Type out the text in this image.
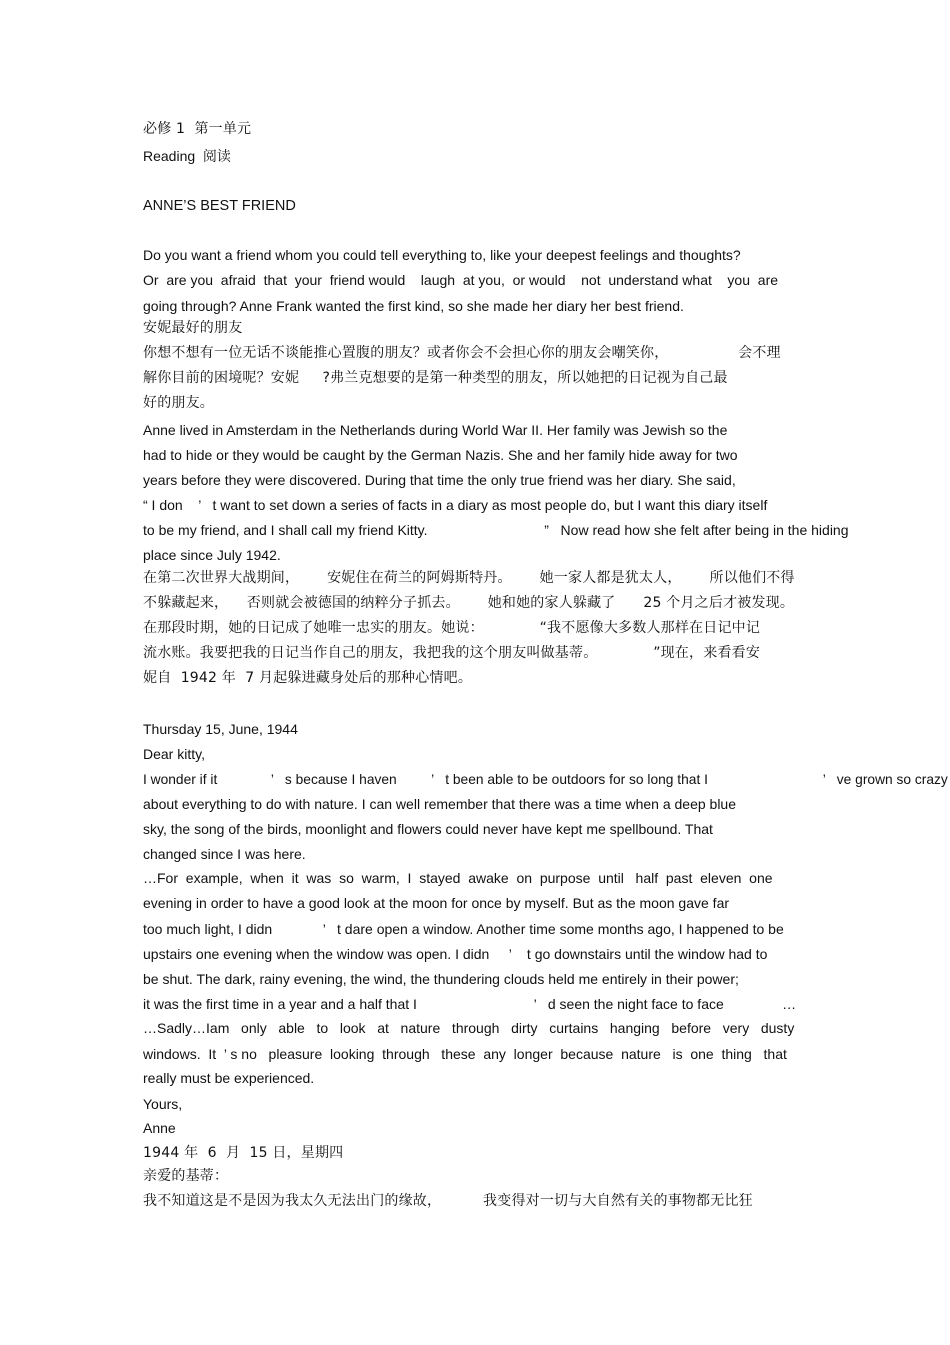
必修 1  第一单元
Reading  阅读
ANNE’S BEST FRIEND
Do you want a friend whom you could tell everything to, like your deepest feelings and thoughts?
Or  are you  afraid  that  your  friend would    laugh  at you,  or would    not  understand what    you  are
going through? Anne Frank wanted the first kind, so she made her diary her best friend.
安妮最好的朋友
你想不想有一位无话不谈能推心置腹的朋友？或者你会不会担心你的朋友会嘲笑你，               会不理
解你目前的困境呢？安妮     ?弗兰克想要的是第一种类型的朋友，所以她把的日记视为自己最
好的朋友。
Anne lived in Amsterdam in the Netherlands during World War II. Her family was Jewish so the
had to hide or they would be caught by the German Nazis. She and her family hide away for two
years before they were discovered. During that time the only true friend was her diary. She said,
“ I don    ’   t want to set down a series of facts in a diary as most people do, but I want this diary itself
to be my friend, and I shall call my friend Kitty.                              ”   Now read how she felt after being in the hiding
place since July 1942.
在第二次世界大战期间，      安妮住在荷兰的阿姆斯特丹。      她一家人都是犹太人，      所以他们不得
不躲藏起来，    否则就会被德国的纳粹分子抓去。      她和她的家人躲藏了      25 个月之后才被发现。
在那段时期，她的日记成了她唯一忠实的朋友。她说：            “我不愿像大多数人那样在日记中记
流水账。我要把我的日记当作自己的朋友，我把我的这个朋友叫做基蒂。            ”现在，来看看安
妮自  1942 年  7 月起躲进藏身处后的那种心情吧。
Thursday 15, June, 1944
Dear kitty,
I wonder if it              ’   s because I haven         ’   t been able to be outdoors for so long that I                              ’   ve grown so crazy
about everything to do with nature. I can well remember that there was a time when a deep blue
sky, the song of the birds, moonlight and flowers could never have kept me spellbound. That
changed since I was here.
…For  example,  when  it  was  so  warm,  I  stayed  awake  on  purpose  until   half  past  eleven  one
evening in order to have a good look at the moon for once by myself. But as the moon gave far
too much light, I didn             ’   t dare open a window. Another time some months ago, I happened to be
upstairs one evening when the window was open. I didn     ’    t go downstairs until the window had to
be shut. The dark, rainy evening, the wind, the thundering clouds held me entirely in their power;
it was the first time in a year and a half that I                              ’   d seen the night face to face               …
…Sadly…Iam   only   able   to   look   at   nature   through   dirty   curtains   hanging   before   very   dusty
windows.  It  ’ s no   pleasure  looking  through   these  any  longer  because  nature   is  one  thing   that
really must be experienced.
Yours,
Anne
1944 年  6  月  15 日，星期四
亲爱的基蒂：
我不知道这是不是因为我太久无法出门的缘故，         我变得对一切与大自然有关的事物都无比狂
